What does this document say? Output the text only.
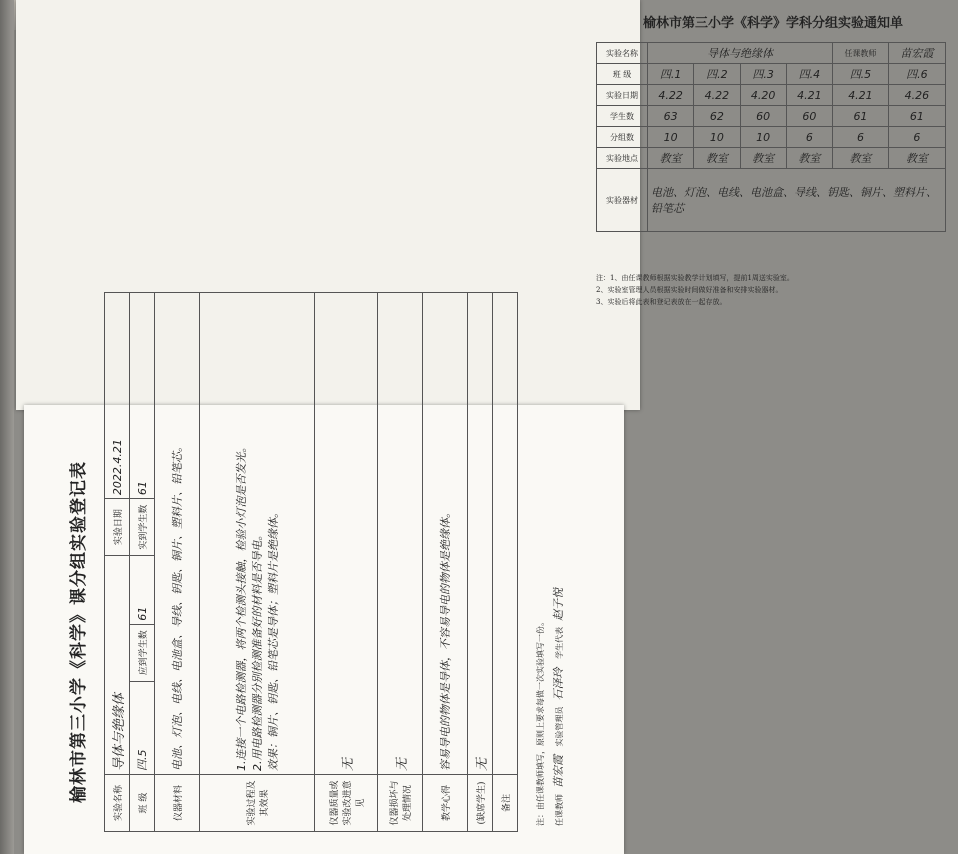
榆林市第三小学《科学》学科分组实验通知单
实验名称	导体与绝缘体				任课教师	苗宏霞
班 级	四.1	四.2	四.3	四.4	四.5	四.6
实验日期	4.22	4.22	4.20	4.21	4.21	4.26
学生数	63	62	60	60	61	61
分组数	10	10	10	6	6	6
实验地点	教室	教室	教室	教室	教室	教室
实验器材	电池、灯泡、电线、电池盒、导线、钥匙、铜片、塑料片、铅笔芯					
注：1、由任课教师根据实验教学计划填写，提前1周送实验室。
2、实验室管理人员根据实验时间做好准备和安排实验器材。
3、实验后将此表和登记表放在一起存放。
榆林市第三小学《科学》课分组实验登记表
实验名称	导体与绝缘体			实验日期	2022.4.21
班 级	四.5	应到学生数	61	实到学生数	61
仪器材料	电池、灯泡、电线、电池盒、导线、钥匙、铜片、塑料片、铅笔芯。				
实验过程及其效果	1.连接一个电路检测器，将两个检测头接触，检验小灯泡是否发光。 2.用电路检测器分别检测准备好的材料是否导电。 效果：铜片、钥匙、铅笔芯是导体；塑料片是绝缘体。				

仪器质量或实验改进意见	无				
仪器损坏与处理情况	无				
教学心得	容易导电的物体是导体，不容易导电的物体是绝缘体。				
(缺席学生)	无				
备注						注：由任课教师填写，原则上要求每做一次实验填写一份。	任课教师苗宏霞 实验管理员石泽玲 学生代表赵子悦
